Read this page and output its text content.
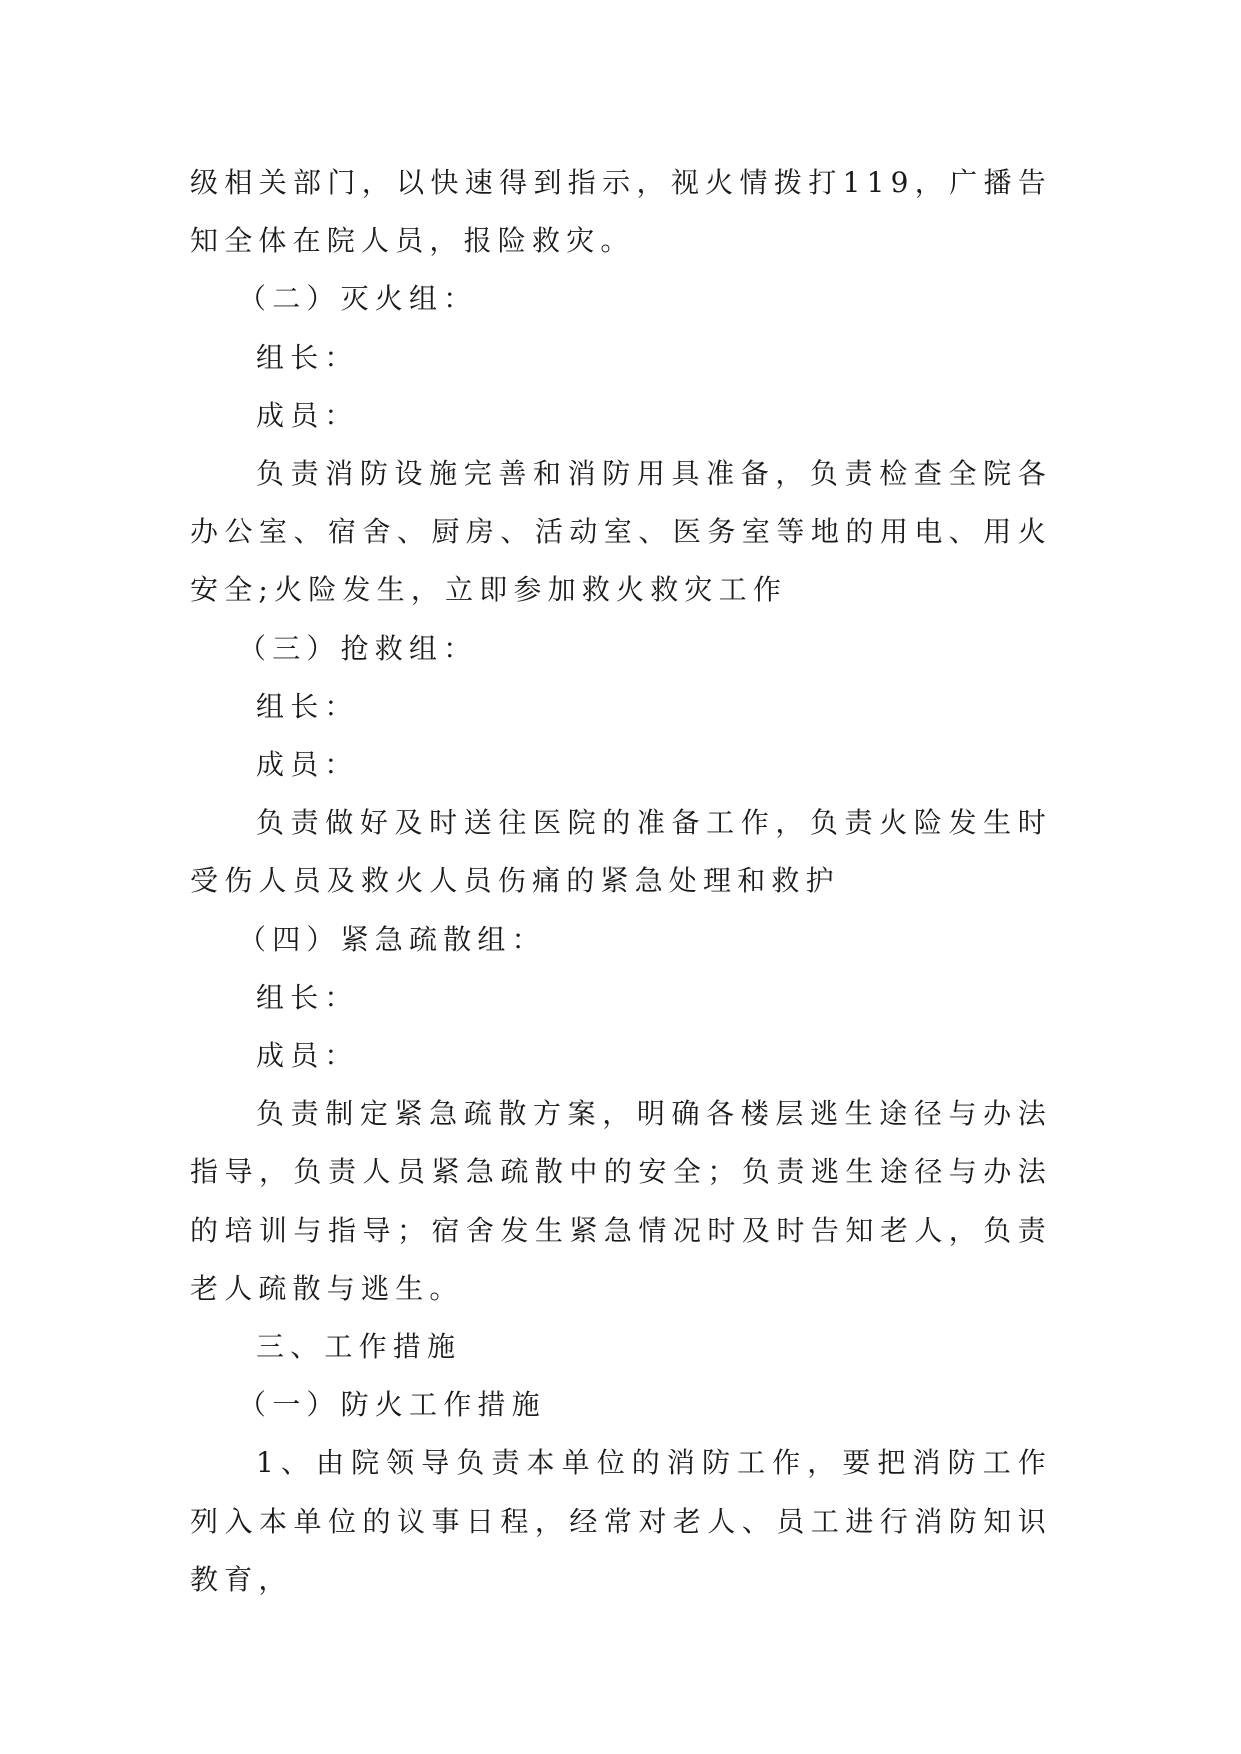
级相关部门，以快速得到指示，视火情拨打119，广播告知全体在院人员，报险救灾。

（二）灭火组：

组长：

成员：

负责消防设施完善和消防用具准备，负责检查全院各办公室、宿舍、厨房、活动室、医务室等地的用电、用火安全;火险发生，立即参加救火救灾工作

（三）抢救组：

组长：

成员：

负责做好及时送往医院的准备工作，负责火险发生时受伤人员及救火人员伤痛的紧急处理和救护

（四）紧急疏散组：

组长：

成员：

负责制定紧急疏散方案，明确各楼层逃生途径与办法指导，负责人员紧急疏散中的安全；负责逃生途径与办法的培训与指导；宿舍发生紧急情况时及时告知老人，负责老人疏散与逃生。

三、工作措施

（一）防火工作措施

1、由院领导负责本单位的消防工作，要把消防工作列入本单位的议事日程，经常对老人、员工进行消防知识教育，
